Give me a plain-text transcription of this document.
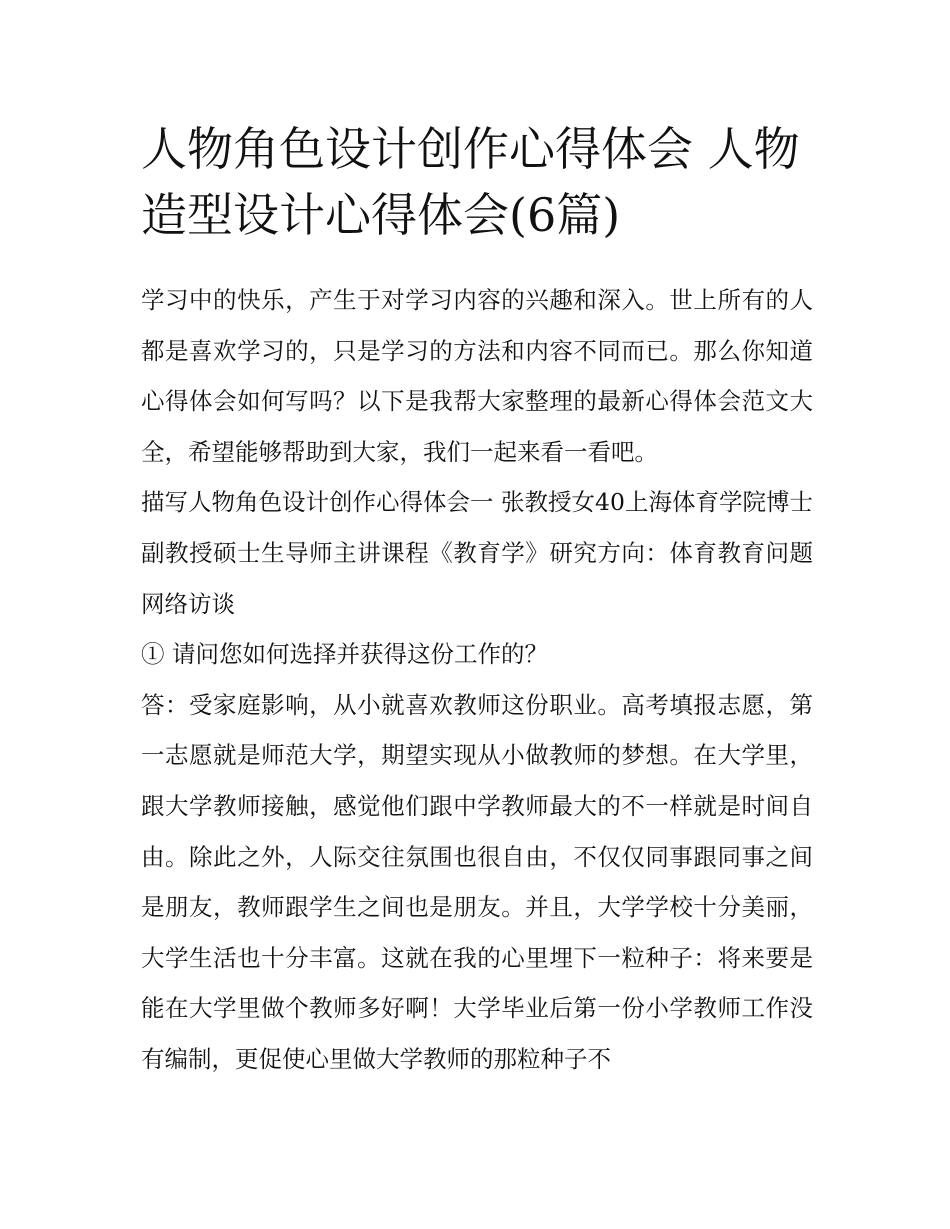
人物角色设计创作心得体会 人物造型设计心得体会(6篇)

学习中的快乐，产生于对学习内容的兴趣和深入。世上所有的人都是喜欢学习的，只是学习的方法和内容不同而已。那么你知道心得体会如何写吗？以下是我帮大家整理的最新心得体会范文大全，希望能够帮助到大家，我们一起来看一看吧。

描写人物角色设计创作心得体会一 张教授女40上海体育学院博士副教授硕士生导师主讲课程《教育学》研究方向：体育教育问题 网络访谈

① 请问您如何选择并获得这份工作的？

答：受家庭影响，从小就喜欢教师这份职业。高考填报志愿，第一志愿就是师范大学，期望实现从小做教师的梦想。在大学里，跟大学教师接触，感觉他们跟中学教师最大的不一样就是时间自由。除此之外，人际交往氛围也很自由，不仅仅同事跟同事之间是朋友，教师跟学生之间也是朋友。并且，大学学校十分美丽，大学生活也十分丰富。这就在我的心里埋下一粒种子：将来要是能在大学里做个教师多好啊！大学毕业后第一份小学教师工作没有编制，更促使心里做大学教师的那粒种子不
